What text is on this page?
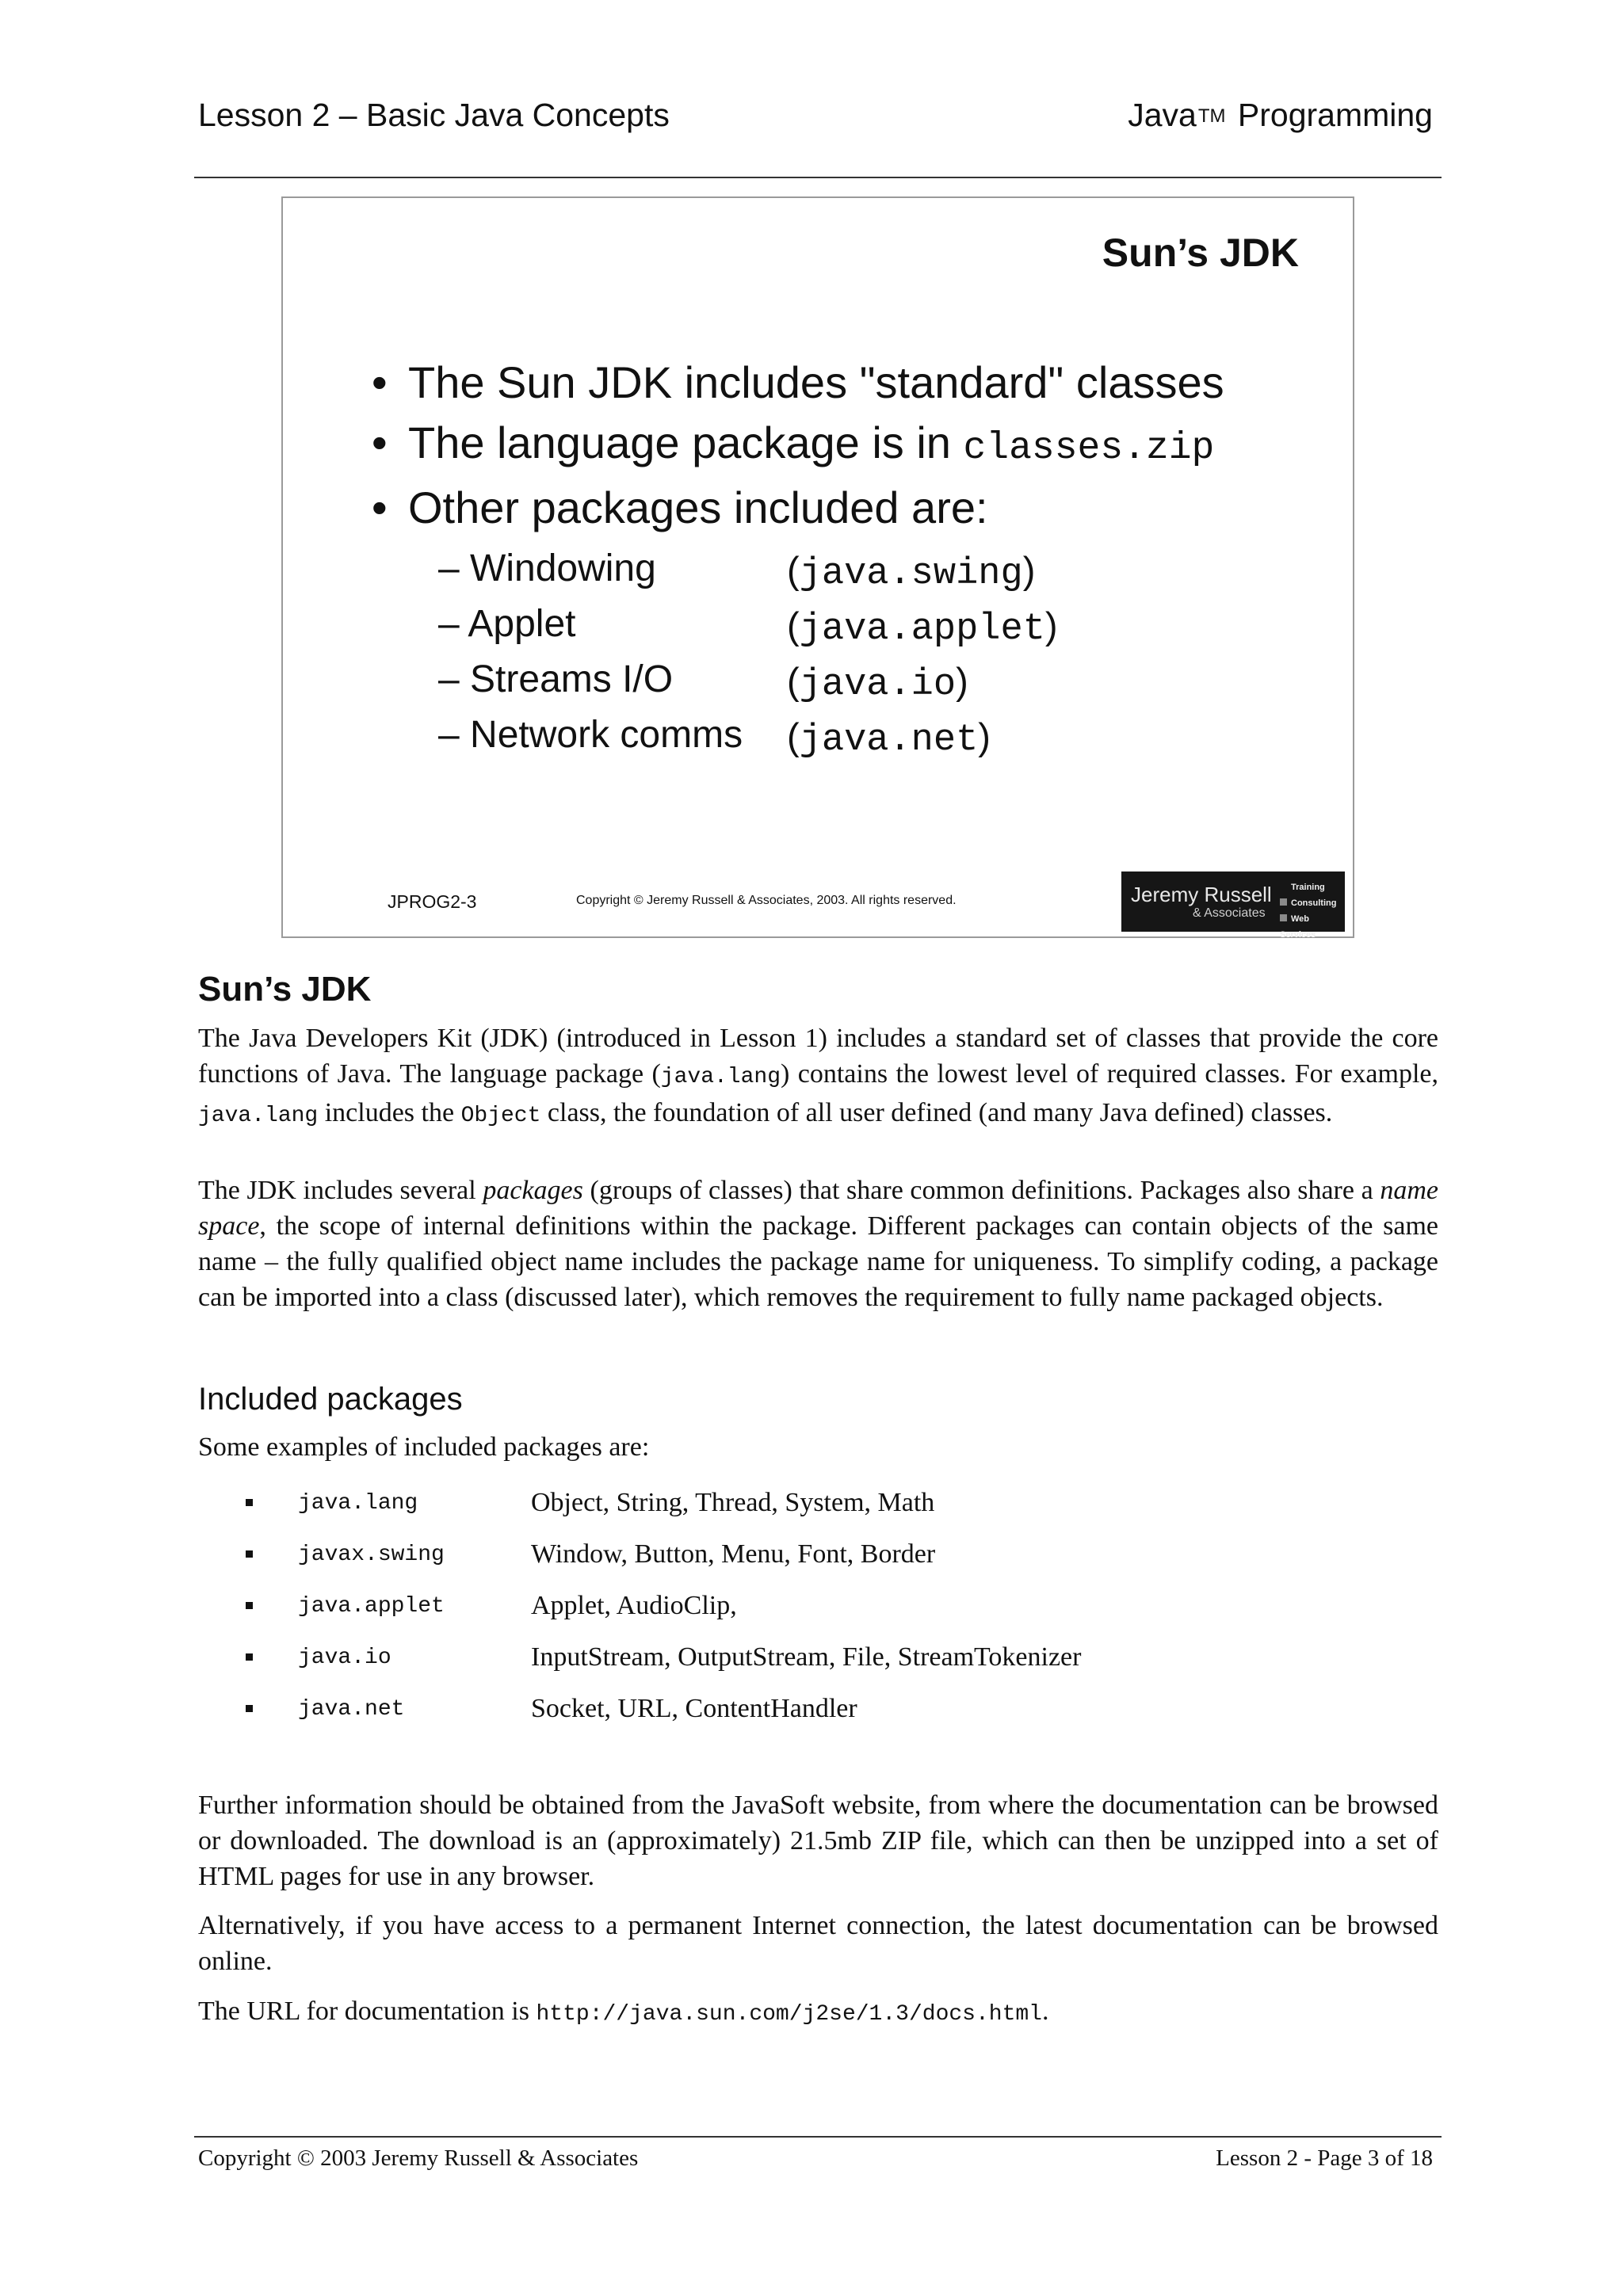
Lesson 2 – Basic Java Concepts	JavaTM Programming
Sun’s JDK
• The Sun JDK includes "standard" classes
• The language package is in classes.zip
• Other packages included are:
– Windowing	(java.swing)
– Applet	(java.applet)
– Streams I/O	(java.io)
– Network comms (java.net)
JPROG2-3	Copyright © Jeremy Russell & Associates, 2003. All rights reserved.	Jeremy Russell
& Associates
Training
Consulting
Web Services
Sun’s JDK
The Java Developers Kit (JDK) (introduced in Lesson 1) includes a standard set of classes that provide the core functions of Java. The language package (java.lang) contains the lowest level of required classes. For example, java.lang includes the Object class, the foundation of all user defined (and many Java defined) classes.
The JDK includes several packages (groups of classes) that share common definitions. Packages also share a name space, the scope of internal definitions within the package. Different packages can contain objects of the same name – the fully qualified object name includes the package name for uniqueness. To simplify coding, a package can be imported into a class (discussed later), which removes the requirement to fully name packaged objects.
Included packages
Some examples of included packages are:
java.lang	Object, String, Thread, System, Math
javax.swing	Window, Button, Menu, Font, Border
java.applet	Applet, AudioClip,
java.io	InputStream, OutputStream, File, StreamTokenizer
java.net	Socket, URL, ContentHandler
Further information should be obtained from the JavaSoft website, from where the documentation can be browsed or downloaded. The download is an (approximately) 21.5mb ZIP file, which can then be unzipped into a set of HTML pages for use in any browser.
Alternatively, if you have access to a permanent Internet connection, the latest documentation can be browsed online.
The URL for documentation is http://java.sun.com/j2se/1.3/docs.html.
Copyright © 2003 Jeremy Russell & Associates	Lesson 2 - Page 3 of 18
